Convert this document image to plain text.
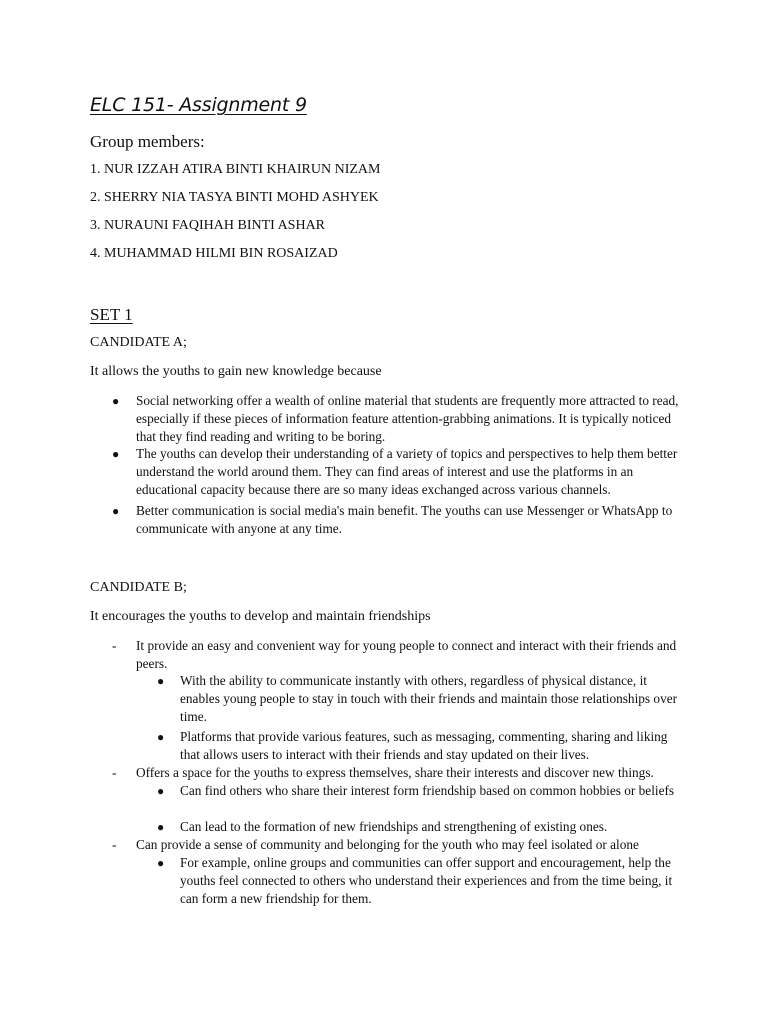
ELC 151- Assignment 9
Group members:
1. NUR IZZAH ATIRA BINTI KHAIRUN NIZAM
2. SHERRY NIA TASYA BINTI MOHD ASHYEK
3. NURAUNI FAQIHAH BINTI ASHAR
4. MUHAMMAD HILMI BIN ROSAIZAD
SET 1
CANDIDATE A;
It allows the youths to gain new knowledge because
● Social networking offer a wealth of online material that students are frequently more attracted to read, especially if these pieces of information feature attention-grabbing animations. It is typically noticed that they find reading and writing to be boring.
● The youths can develop their understanding of a variety of topics and perspectives to help them better understand the world around them. They can find areas of interest and use the platforms in an educational capacity because there are so many ideas exchanged across various channels.
● Better communication is social media's main benefit. The youths can use Messenger or WhatsApp to communicate with anyone at any time.
CANDIDATE B;
It encourages the youths to develop and maintain friendships
- It provide an easy and convenient way for young people to connect and interact with their friends and peers.
● With the ability to communicate instantly with others, regardless of physical distance, it enables young people to stay in touch with their friends and maintain those relationships over time.
● Platforms that provide various features, such as messaging, commenting, sharing and liking that allows users to interact with their friends and stay updated on their lives.
- Offers a space for the youths to express themselves, share their interests and discover new things.
● Can find others who share their interest form friendship based on common hobbies or beliefs
● Can lead to the formation of new friendships and strengthening of existing ones.
- Can provide a sense of community and belonging for the youth who may feel isolated or alone
● For example, online groups and communities can offer support and encouragement, help the youths feel connected to others who understand their experiences and from the time being, it can form a new friendship for them.
